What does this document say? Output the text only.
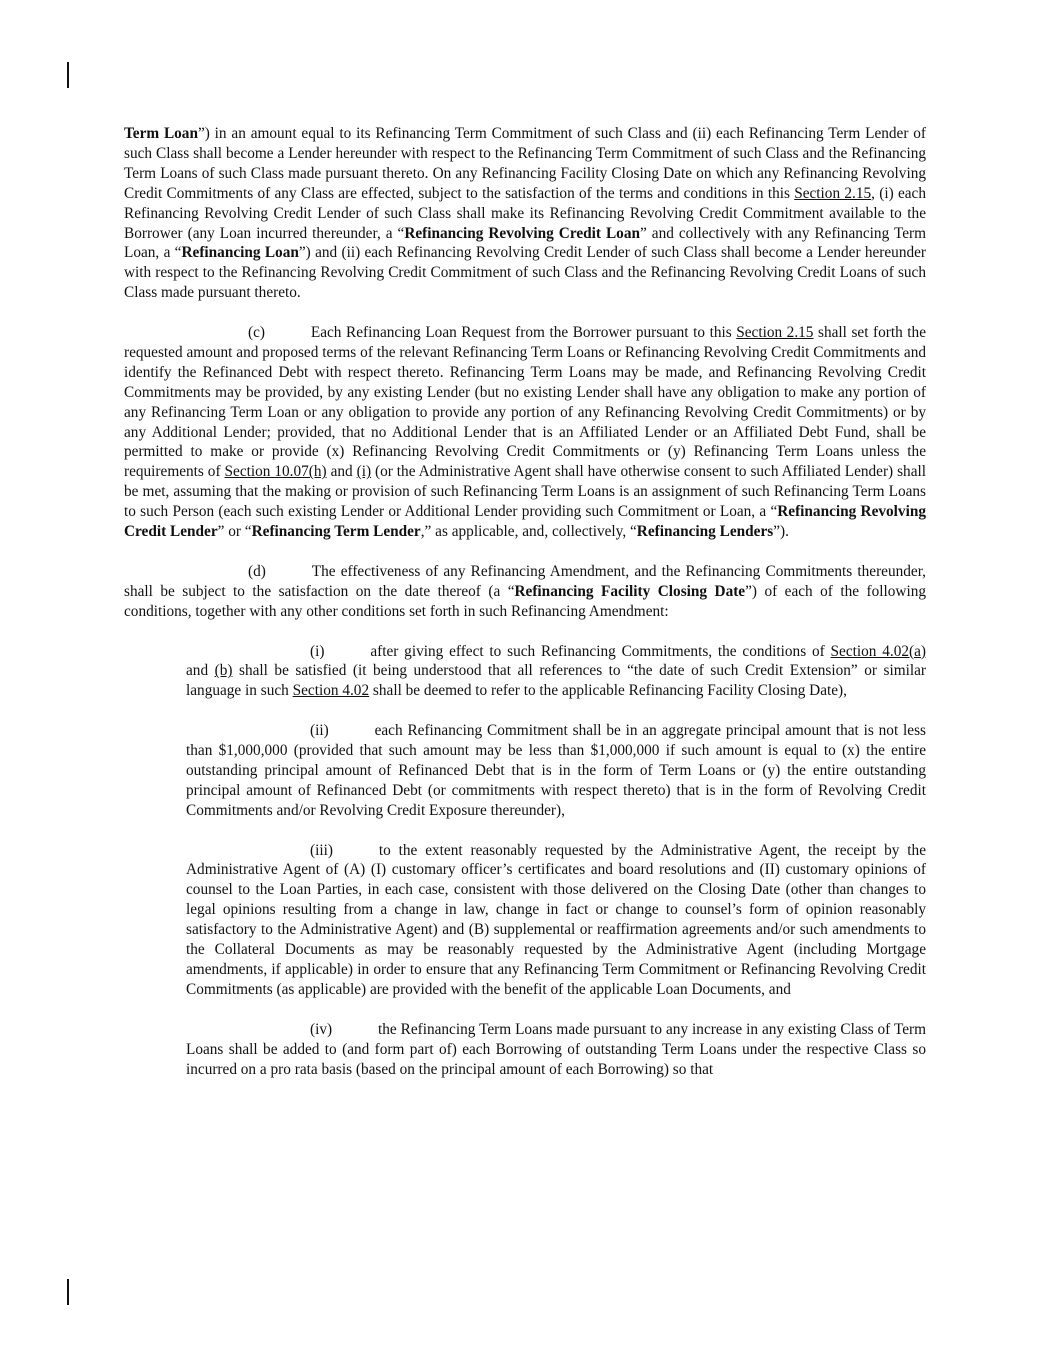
Term Loan”) in an amount equal to its Refinancing Term Commitment of such Class and (ii) each Refinancing Term Lender of such Class shall become a Lender hereunder with respect to the Refinancing Term Commitment of such Class and the Refinancing Term Loans of such Class made pursuant thereto. On any Refinancing Facility Closing Date on which any Refinancing Revolving Credit Commitments of any Class are effected, subject to the satisfaction of the terms and conditions in this Section 2.15, (i) each Refinancing Revolving Credit Lender of such Class shall make its Refinancing Revolving Credit Commitment available to the Borrower (any Loan incurred thereunder, a “Refinancing Revolving Credit Loan” and collectively with any Refinancing Term Loan, a “Refinancing Loan”) and (ii) each Refinancing Revolving Credit Lender of such Class shall become a Lender hereunder with respect to the Refinancing Revolving Credit Commitment of such Class and the Refinancing Revolving Credit Loans of such Class made pursuant thereto.

(c)   	Each Refinancing Loan Request from the Borrower pursuant to this Section 2.15 shall set forth the requested amount and proposed terms of the relevant Refinancing Term Loans or Refinancing Revolving Credit Commitments and identify the Refinanced Debt with respect thereto. Refinancing Term Loans may be made, and Refinancing Revolving Credit Commitments may be provided, by any existing Lender (but no existing Lender shall have any obligation to make any portion of any Refinancing Term Loan or any obligation to provide any portion of any Refinancing Revolving Credit Commitments) or by any Additional Lender; provided, that no Additional Lender that is an Affiliated Lender or an Affiliated Debt Fund, shall be permitted to make or provide (x) Refinancing Revolving Credit Commitments or (y) Refinancing Term Loans unless the requirements of Section 10.07(h) and (i) (or the Administrative Agent shall have otherwise consent to such Affiliated Lender) shall be met, assuming that the making or provision of such Refinancing Term Loans is an assignment of such Refinancing Term Loans to such Person (each such existing Lender or Additional Lender providing such Commitment or Loan, a “Refinancing Revolving Credit Lender” or “Refinancing Term Lender,” as applicable, and, collectively, “Refinancing Lenders”).

(d)   	The effectiveness of any Refinancing Amendment, and the Refinancing Commitments thereunder, shall be subject to the satisfaction on the date thereof (a “Refinancing Facility Closing Date”) of each of the following conditions, together with any other conditions set forth in such Refinancing Amendment:

(i)   	after giving effect to such Refinancing Commitments, the conditions of Section 4.02(a) and (b) shall be satisfied (it being understood that all references to “the date of such Credit Extension” or similar language in such Section 4.02 shall be deemed to refer to the applicable Refinancing Facility Closing Date),

(ii)   	each Refinancing Commitment shall be in an aggregate principal amount that is not less than $1,000,000 (provided that such amount may be less than $1,000,000 if such amount is equal to (x) the entire outstanding principal amount of Refinanced Debt that is in the form of Term Loans or (y) the entire outstanding principal amount of Refinanced Debt (or commitments with respect thereto) that is in the form of Revolving Credit Commitments and/or Revolving Credit Exposure thereunder),

(iii)   	to the extent reasonably requested by the Administrative Agent, the receipt by the Administrative Agent of (A) (I) customary officer’s certificates and board resolutions and (II) customary opinions of counsel to the Loan Parties, in each case, consistent with those delivered on the Closing Date (other than changes to legal opinions resulting from a change in law, change in fact or change to counsel’s form of opinion reasonably satisfactory to the Administrative Agent) and (B) supplemental or reaffirmation agreements and/or such amendments to the Collateral Documents as may be reasonably requested by the Administrative Agent (including Mortgage amendments, if applicable) in order to ensure that any Refinancing Term Commitment or Refinancing Revolving Credit Commitments (as applicable) are provided with the benefit of the applicable Loan Documents, and

(iv)   	the Refinancing Term Loans made pursuant to any increase in any existing Class of Term Loans shall be added to (and form part of) each Borrowing of outstanding Term Loans under the respective Class so incurred on a pro rata basis (based on the principal amount of each Borrowing) so that
